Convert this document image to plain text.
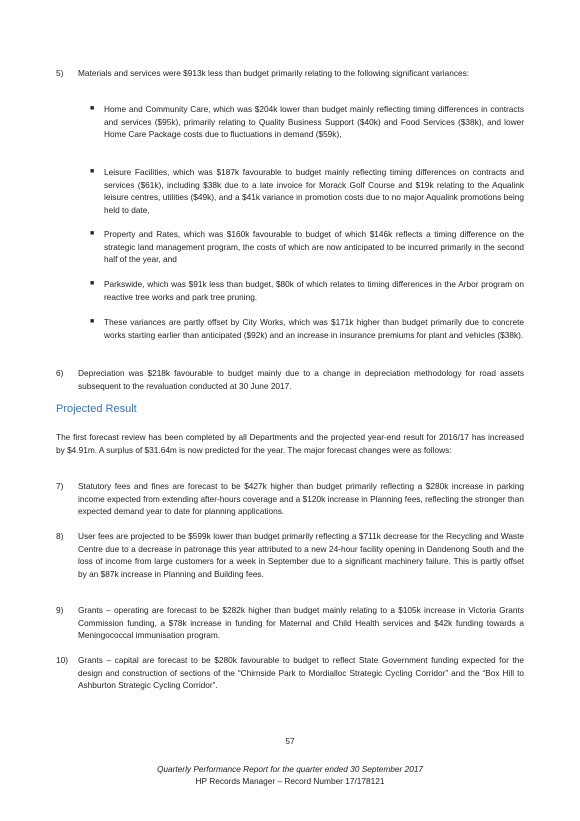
5) Materials and services were $913k less than budget primarily relating to the following significant variances:
■ Home and Community Care, which was $204k lower than budget mainly reflecting timing differences in contracts and services ($95k), primarily relating to Quality Business Support ($40k) and Food Services ($38k), and lower Home Care Package costs due to fluctuations in demand ($59k),
■ Leisure Facilities, which was $187k favourable to budget mainly reflecting timing differences on contracts and services ($61k), including $38k due to a late invoice for Morack Golf Course and $19k relating to the Aqualink leisure centres, utilities ($49k), and a $41k variance in promotion costs due to no major Aqualink promotions being held to date,
■ Property and Rates, which was $160k favourable to budget of which $146k reflects a timing difference on the strategic land management program, the costs of which are now anticipated to be incurred primarily in the second half of the year, and
■ Parkswide, which was $91k less than budget, $80k of which relates to timing differences in the Arbor program on reactive tree works and park tree pruning.
■ These variances are partly offset by City Works, which was $171k higher than budget primarily due to concrete works starting earlier than anticipated ($92k) and an increase in insurance premiums for plant and vehicles ($38k).
6) Depreciation was $218k favourable to budget mainly due to a change in depreciation methodology for road assets subsequent to the revaluation conducted at 30 June 2017.
Projected Result
The first forecast review has been completed by all Departments and the projected year-end result for 2016/17 has increased by $4.91m. A surplus of $31.64m is now predicted for the year. The major forecast changes were as follows:
7) Statutory fees and fines are forecast to be $427k higher than budget primarily reflecting a $280k increase in parking income expected from extending after-hours coverage and a $120k increase in Planning fees, reflecting the stronger than expected demand year to date for planning applications.
8) User fees are projected to be $599k lower than budget primarily reflecting a $711k decrease for the Recycling and Waste Centre due to a decrease in patronage this year attributed to a new 24-hour facility opening in Dandenong South and the loss of income from large customers for a week in September due to a significant machinery failure. This is partly offset by an $87k increase in Planning and Building fees.
9) Grants – operating are forecast to be $282k higher than budget mainly relating to a $105k increase in Victoria Grants Commission funding, a $78k increase in funding for Maternal and Child Health services and $42k funding towards a Meningococcal immunisation program.
10) Grants – capital are forecast to be $280k favourable to budget to reflect State Government funding expected for the design and construction of sections of the “Chirnside Park to Mordialloc Strategic Cycling Corridor” and the “Box Hill to Ashburton Strategic Cycling Corridor”.
57
Quarterly Performance Report for the quarter ended 30 September 2017
HP Records Manager – Record Number 17/178121
